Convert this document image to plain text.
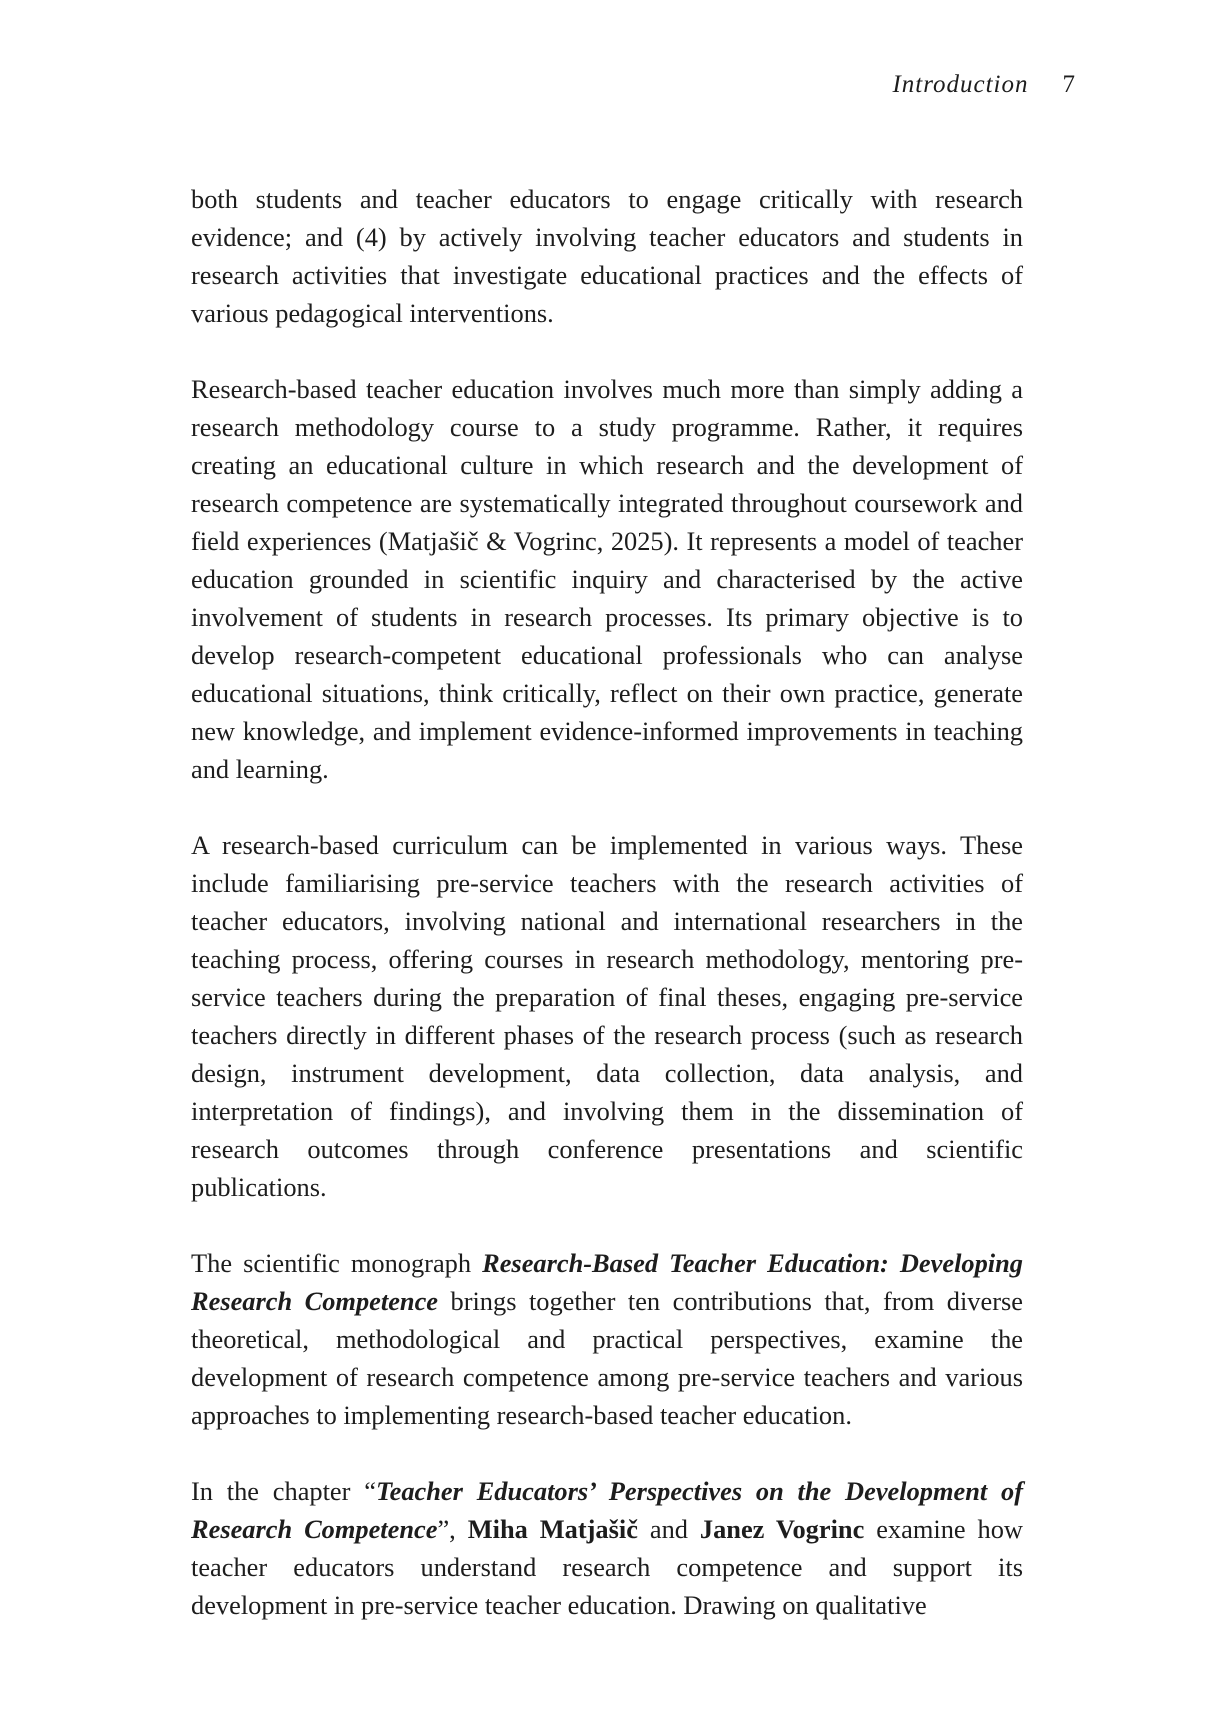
Introduction 7

both students and teacher educators to engage critically with research evidence; and (4) by actively involving teacher educators and students in research activities that investigate educational practices and the effects of various pedagogical interventions.

Research-based teacher education involves much more than simply adding a research methodology course to a study programme. Rather, it requires creating an educational culture in which research and the development of research competence are systematically integrated throughout coursework and field experiences (Matjašič & Vogrinc, 2025). It represents a model of teacher education grounded in scientific inquiry and characterised by the active involvement of students in research processes. Its primary objective is to develop research-competent educational professionals who can analyse educational situations, think critically, reflect on their own practice, generate new knowledge, and implement evidence-informed improvements in teaching and learning.

A research-based curriculum can be implemented in various ways. These include familiarising pre-service teachers with the research activities of teacher educators, involving national and international researchers in the teaching process, offering courses in research methodology, mentoring pre-service teachers during the preparation of final theses, engaging pre-service teachers directly in different phases of the research process (such as research design, instrument development, data collection, data analysis, and interpretation of findings), and involving them in the dissemination of research outcomes through conference presentations and scientific publications.

The scientific monograph Research-Based Teacher Education: Developing Research Competence brings together ten contributions that, from diverse theoretical, methodological and practical perspectives, examine the development of research competence among pre-service teachers and various approaches to implementing research-based teacher education.

In the chapter “Teacher Educators’ Perspectives on the Development of Research Competence”, Miha Matjašič and Janez Vogrinc examine how teacher educators understand research competence and support its development in pre-service teacher education. Drawing on qualitative
